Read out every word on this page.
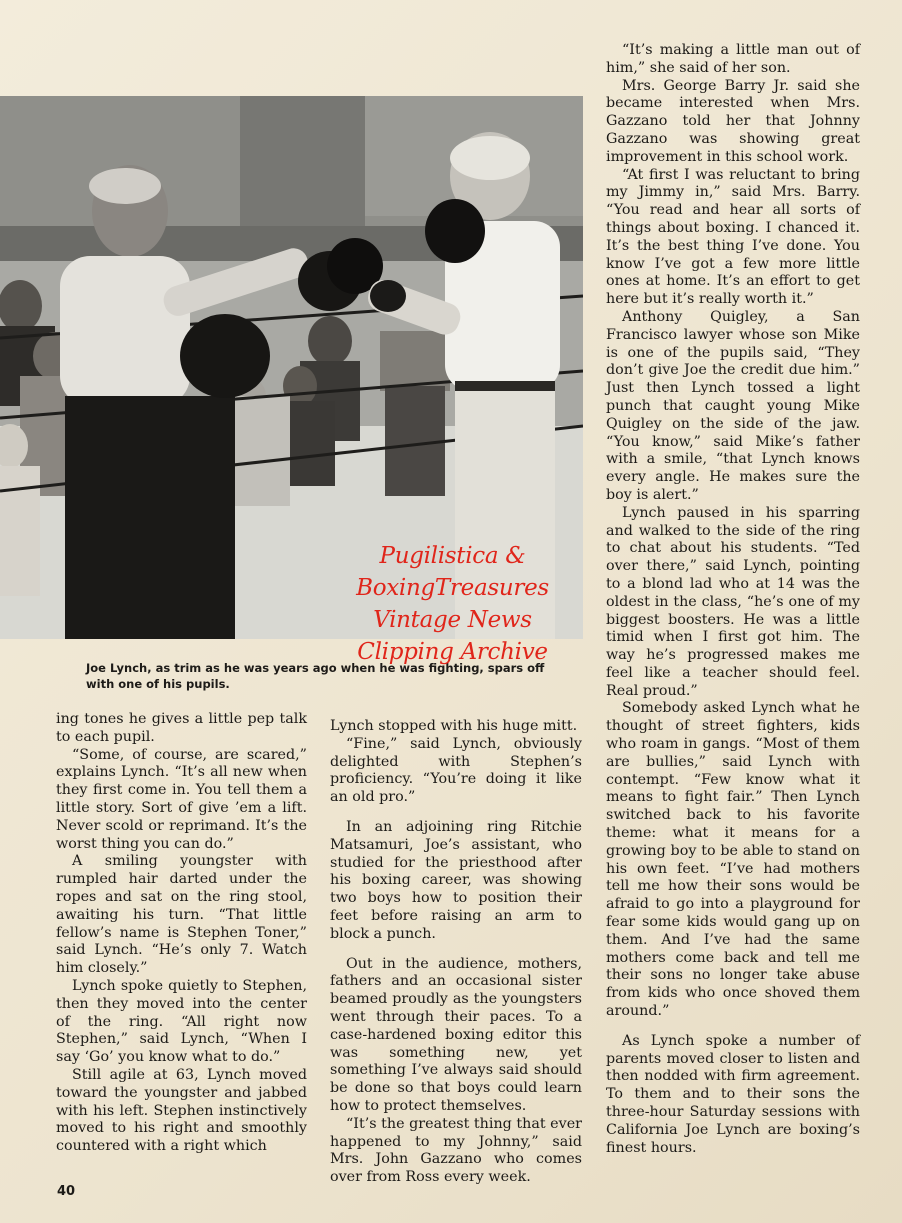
Joe Lynch, as trim as he was years ago when he was fighting, spars off with one of his pupils.
Pugilistica &
BoxingTreasures
Vintage News
Clipping Archive

ing tones he gives a little pep talk to each pupil.

“Some, of course, are scared,” explains Lynch. “It’s all new when they first come in. You tell them a little story. Sort of give ’em a lift. Never scold or reprimand. It’s the worst thing you can do.”

A smiling youngster with rumpled hair darted under the ropes and sat on the ring stool, awaiting his turn. “That little fellow’s name is Stephen Toner,” said Lynch. “He’s only 7. Watch him closely.”

Lynch spoke quietly to Stephen, then they moved into the center of the ring. “All right now Stephen,” said Lynch, “When I say ‘Go’ you know what to do.”

Still agile at 63, Lynch moved toward the youngster and jabbed with his left. Stephen instinctively moved to his right and smoothly countered with a right which

Lynch stopped with his huge mitt.

“Fine,” said Lynch, obviously delighted with Stephen’s proficiency. “You’re doing it like an old pro.”

In an adjoining ring Ritchie Matsamuri, Joe’s assistant, who studied for the priesthood after his boxing career, was showing two boys how to position their feet before raising an arm to block a punch.

Out in the audience, mothers, fathers and an occasional sister beamed proudly as the youngsters went through their paces. To a case-hardened boxing editor this was something new, yet something I’ve always said should be done so that boys could learn how to protect themselves.

“It’s the greatest thing that ever happened to my Johnny,” said Mrs. John Gazzano who comes over from Ross every week.

“It’s making a little man out of him,” she said of her son.

Mrs. George Barry Jr. said she became interested when Mrs. Gazzano told her that Johnny Gazzano was showing great improvement in this school work.

“At first I was reluctant to bring my Jimmy in,” said Mrs. Barry. “You read and hear all sorts of things about boxing. I chanced it. It’s the best thing I’ve done. You know I’ve got a few more little ones at home. It’s an effort to get here but it’s really worth it.”

Anthony Quigley, a San Francisco lawyer whose son Mike is one of the pupils said, “They don’t give Joe the credit due him.” Just then Lynch tossed a light punch that caught young Mike Quigley on the side of the jaw. “You know,” said Mike’s father with a smile, “that Lynch knows every angle. He makes sure the boy is alert.”

Lynch paused in his sparring and walked to the side of the ring to chat about his students. “Ted over there,” said Lynch, pointing to a blond lad who at 14 was the oldest in the class, “he’s one of my biggest boosters. He was a little timid when I first got him. The way he’s progressed makes me feel like a teacher should feel. Real proud.”

Somebody asked Lynch what he thought of street fighters, kids who roam in gangs. “Most of them are bullies,” said Lynch with contempt. “Few know what it means to fight fair.” Then Lynch switched back to his favorite theme: what it means for a growing boy to be able to stand on his own feet. “I’ve had mothers tell me how their sons would be afraid to go into a playground for fear some kids would gang up on them. And I’ve had the same mothers come back and tell me their sons no longer take abuse from kids who once shoved them around.”

As Lynch spoke a number of parents moved closer to listen and then nodded with firm agreement. To them and to their sons the three-hour Saturday sessions with California Joe Lynch are boxing’s finest hours.

40
